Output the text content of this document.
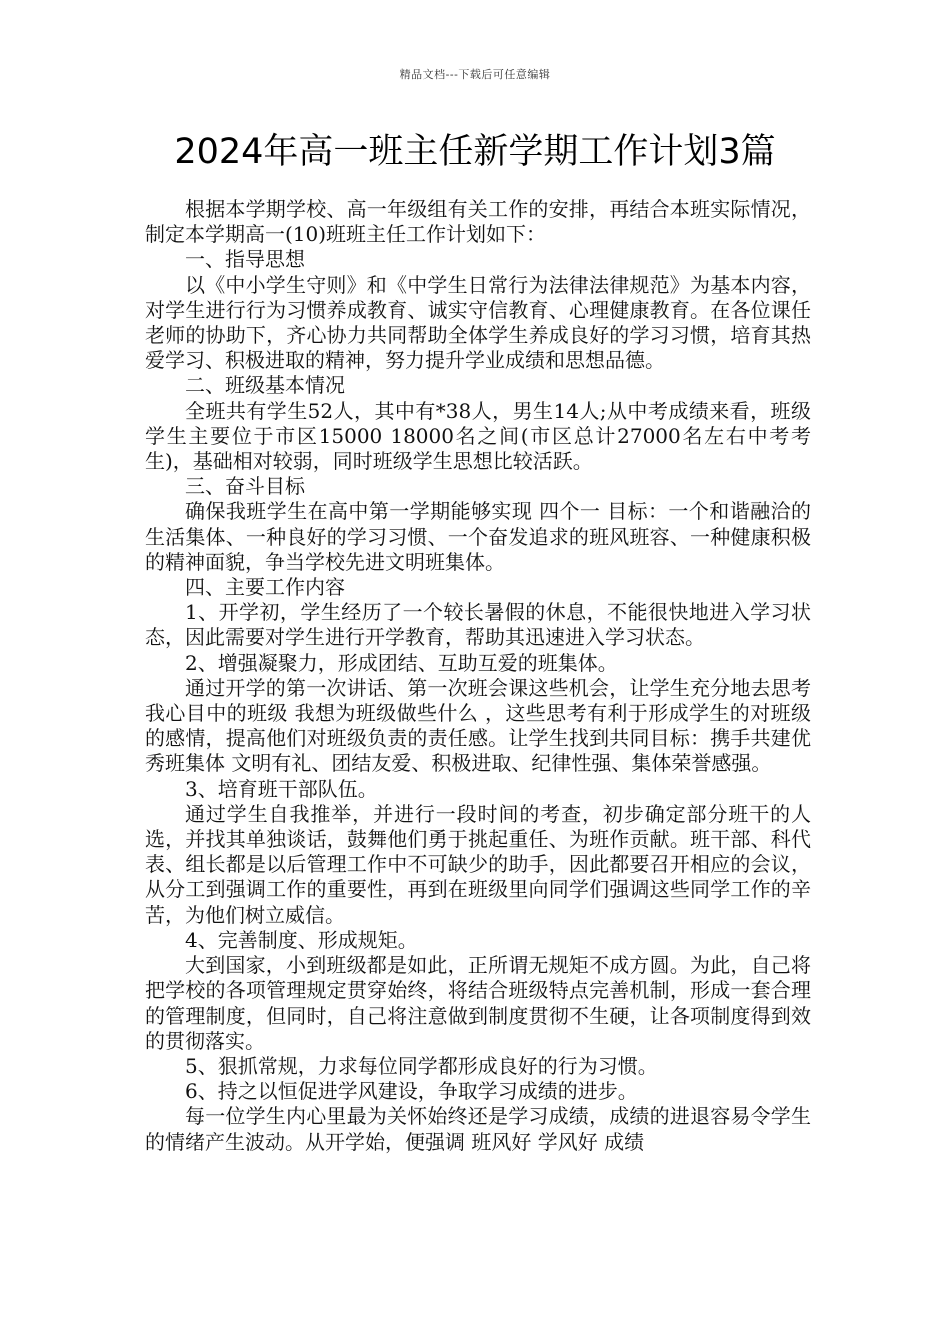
精品文档---下载后可任意编辑
2024年高一班主任新学期工作计划3篇

根据本学期学校、高一年级组有关工作的安排，再结合本班实际情况，制定本学期高一(10)班班主任工作计划如下：

一、指导思想

以《中小学生守则》和《中学生日常行为法律法律规范》为基本内容，对学生进行行为习惯养成教育、诚实守信教育、心理健康教育。在各位课任老师的协助下，齐心协力共同帮助全体学生养成良好的学习习惯，培育其热爱学习、积极进取的精神，努力提升学业成绩和思想品德。

二、班级基本情况

全班共有学生52人，其中有*38人，男生14人;从中考成绩来看，班级学生主要位于市区15000 18000名之间(市区总计27000名左右中考考生)，基础相对较弱，同时班级学生思想比较活跃。

三、奋斗目标

确保我班学生在高中第一学期能够实现 四个一 目标：一个和谐融洽的生活集体、一种良好的学习习惯、一个奋发追求的班风班容、一种健康积极的精神面貌，争当学校先进文明班集体。

四、主要工作内容

1、开学初，学生经历了一个较长暑假的休息，不能很快地进入学习状态，因此需要对学生进行开学教育，帮助其迅速进入学习状态。

2、增强凝聚力，形成团结、互助互爱的班集体。

通过开学的第一次讲话、第一次班会课这些机会，让学生充分地去思考 我心目中的班级 我想为班级做些什么 ，这些思考有利于形成学生的对班级的感情，提高他们对班级负责的责任感。让学生找到共同目标：携手共建优秀班集体 文明有礼、团结友爱、积极进取、纪律性强、集体荣誉感强。

3、培育班干部队伍。

通过学生自我推举，并进行一段时间的考查，初步确定部分班干的人选，并找其单独谈话，鼓舞他们勇于挑起重任、为班作贡献。班干部、科代表、组长都是以后管理工作中不可缺少的助手，因此都要召开相应的会议，从分工到强调工作的重要性，再到在班级里向同学们强调这些同学工作的辛苦，为他们树立威信。

4、完善制度、形成规矩。

大到国家，小到班级都是如此，正所谓无规矩不成方圆。为此，自己将把学校的各项管理规定贯穿始终，将结合班级特点完善机制，形成一套合理的管理制度，但同时，自己将注意做到制度贯彻不生硬，让各项制度得到效的贯彻落实。

5、狠抓常规，力求每位同学都形成良好的行为习惯。

6、持之以恒促进学风建设，争取学习成绩的进步。

每一位学生内心里最为关怀始终还是学习成绩，成绩的进退容易令学生的情绪产生波动。从开学始，便强调 班风好 学风好 成绩
